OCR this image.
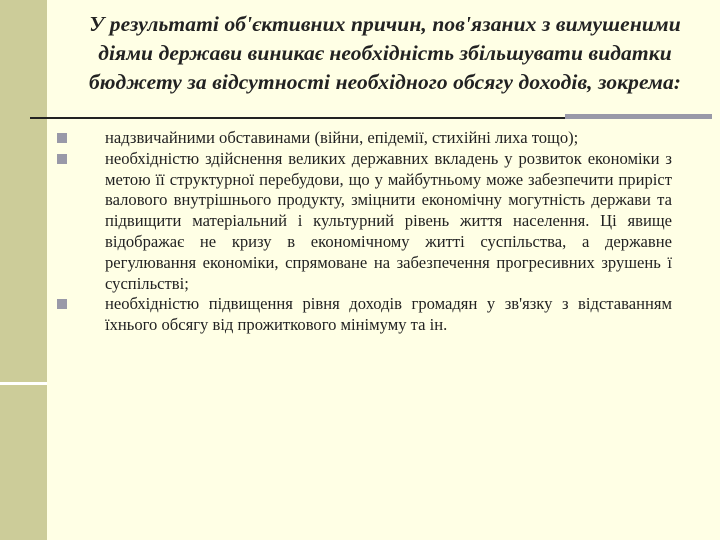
У результаті об'єктивних причин, пов'язаних з вимушеними діями держави виникає необхідність збільшувати видатки бюджету за відсутності необхідного обсягу доходів, зокрема:
надзвичайними обставинами (війни, епідемії, стихійні лиха тощо);
необхідністю здійснення великих державних вкладень у розвиток економіки з метою її структурної перебудови, що у майбутньому може забезпечити приріст валового внутрішнього продукту, зміцнити економічну могутність держави та підвищити матеріальний і культурний рівень життя населення. Ці явище відображає не кризу в економічному житті суспільства, а державне регулювання економіки, спрямоване на забезпечення прогресивних зрушень ї суспільстві;
необхідністю підвищення рівня доходів громадян у зв'язку з відставанням їхнього обсягу від прожиткового мінімуму та ін.
